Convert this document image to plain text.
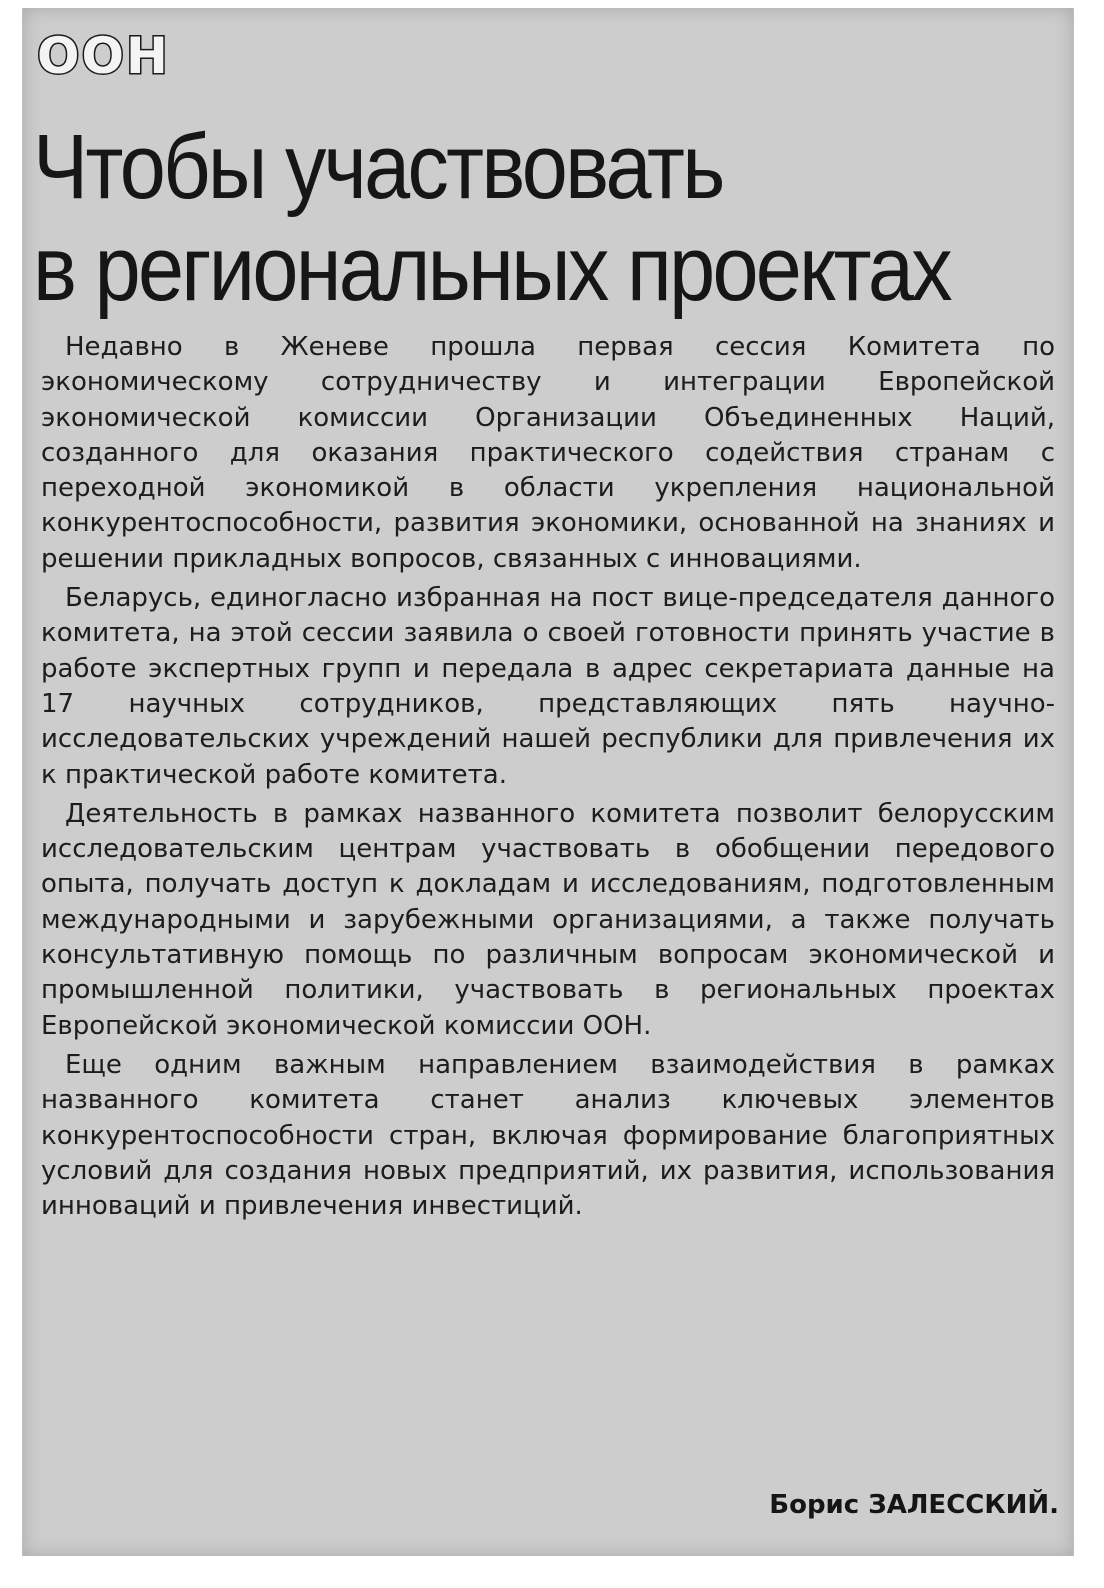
ООН
Чтобы участвовать
в региональных проектах

Недавно в Женеве прошла первая сессия Комитета по экономическому сотрудничеству и интеграции Европейской экономической комиссии Организации Объединенных Наций, созданного для оказания практического содействия странам с переходной экономикой в области укрепления национальной конкурентоспособности, развития экономики, основанной на знаниях и решении прикладных вопросов, связанных с инновациями.

Беларусь, единогласно избранная на пост вице-председателя данного комитета, на этой сессии заявила о своей готовности принять участие в работе экспертных групп и передала в адрес секретариата данные на 17 научных сотрудников, представляющих пять научно-исследовательских учреждений нашей республики для привлечения их к практической работе комитета.

Деятельность в рамках названного комитета позволит белорусским исследовательским центрам участвовать в обобщении передового опыта, получать доступ к докладам и исследованиям, подготовленным международными и зарубежными организациями, а также получать консультативную помощь по различным вопросам экономической и промышленной политики, участвовать в региональных проектах Европейской экономической комиссии ООН.

Еще одним важным направлением взаимодействия в рамках названного комитета станет анализ ключевых элементов конкурентоспособности стран, включая формирование благоприятных условий для создания новых предприятий, их развития, использования инноваций и привлечения инвестиций.

Борис ЗАЛЕССКИЙ.
